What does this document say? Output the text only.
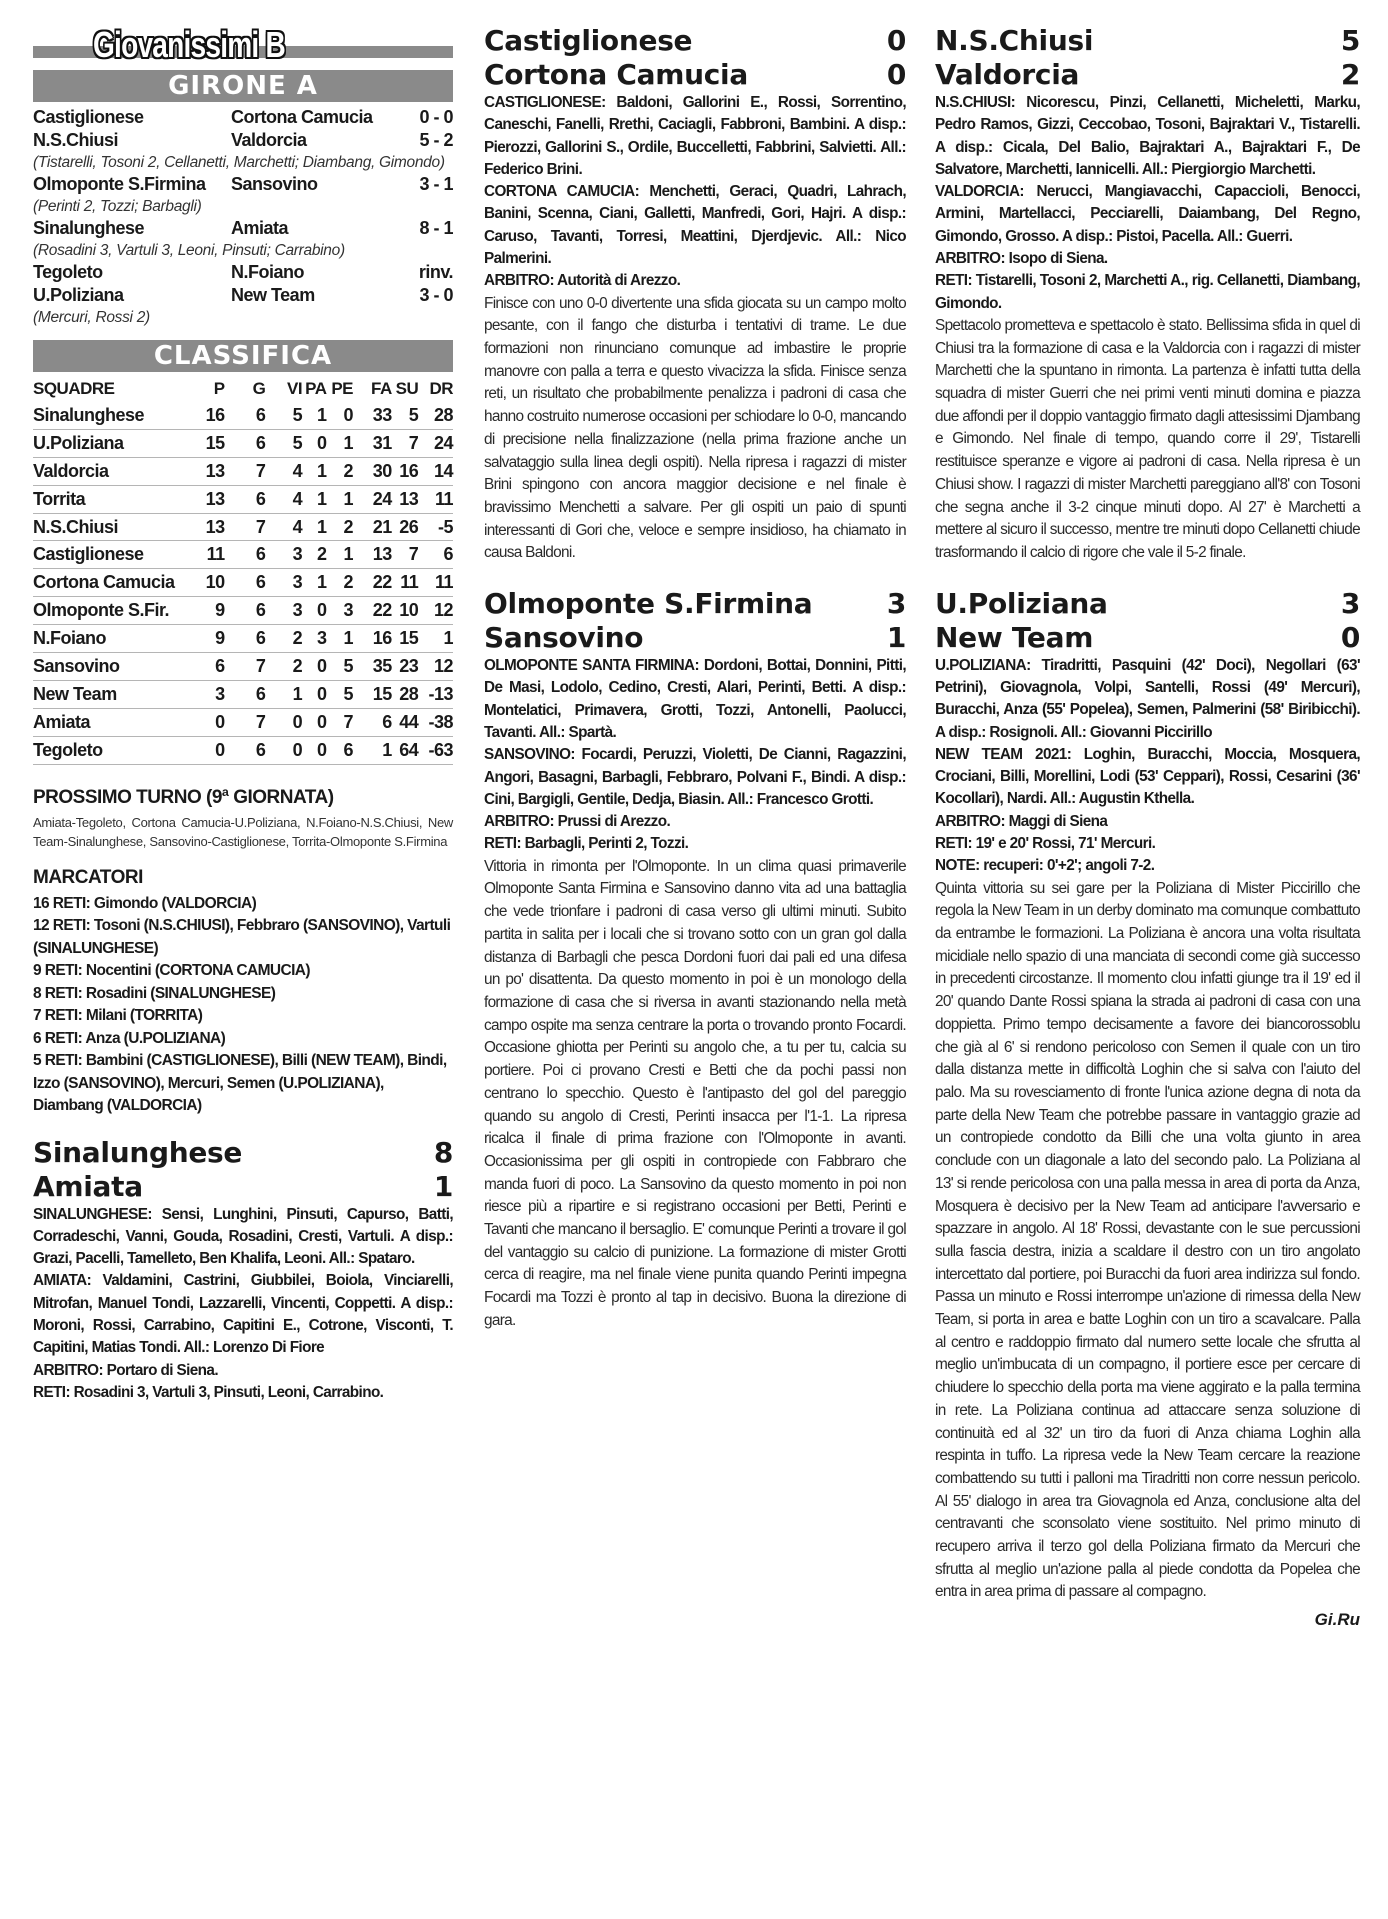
Giovanissimi B
GIRONE A
Castiglionese	Cortona Camucia	0 - 0
N.S.Chiusi	Valdorcia	5 - 2
(Tistarelli, Tosoni 2, Cellanetti, Marchetti; Diambang, Gimondo)
Olmoponte S.Firmina	Sansovino	3 - 1
(Perinti 2, Tozzi; Barbagli)
Sinalunghese	Amiata	8 - 1
(Rosadini 3, Vartuli 3, Leoni, Pinsuti; Carrabino)
Tegoleto	N.Foiano	rinv.
U.Poliziana	New Team	3 - 0
(Mercuri, Rossi 2)
CLASSIFICA
SQUADRE	P	G	VI	PA	PE	FA	SU	DR
Sinalunghese	16	6	5	1	0	33	5	28
U.Poliziana	15	6	5	0	1	31	7	24
Valdorcia	13	7	4	1	2	30	16	14
Torrita	13	6	4	1	1	24	13	11
N.S.Chiusi	13	7	4	1	2	21	26	-5
Castiglionese	11	6	3	2	1	13	7	6
Cortona Camucia	10	6	3	1	2	22	11	11
Olmoponte S.Fir.	9	6	3	0	3	22	10	12
N.Foiano	9	6	2	3	1	16	15	1
Sansovino	6	7	2	0	5	35	23	12
New Team	3	6	1	0	5	15	28	-13
Amiata	0	7	0	0	7	6	44	-38
Tegoleto	0	6	0	0	6	1	64	-63
PROSSIMO TURNO (9ª GIORNATA)
Amiata-Tegoleto, Cortona Camucia-U.Poliziana, N.Foiano-N.S.Chiusi, New Team-Sinalunghese, Sansovino-Castiglionese, Torrita-Olmoponte S.Firmina
MARCATORI
16 RETI: Gimondo (VALDORCIA)
12 RETI: Tosoni (N.S.CHIUSI), Febbraro (SANSOVINO), Vartuli (SINALUNGHESE)
9 RETI: Nocentini (CORTONA CAMUCIA)
8 RETI: Rosadini (SINALUNGHESE)
7 RETI: Milani (TORRITA)
6 RETI: Anza (U.POLIZIANA)
5 RETI: Bambini (CASTIGLIONESE), Billi (NEW TEAM), Bindi, Izzo (SANSOVINO), Mercuri, Semen (U.POLIZIANA), Diambang (VALDORCIA)
Sinalunghese	8
Amiata	1
SINALUNGHESE: Sensi, Lunghini, Pinsuti, Capurso, Batti, Corradeschi, Vanni, Gouda, Rosadini, Cresti, Vartuli. A disp.: Grazi, Pacelli, Tamelleto, Ben Khalifa, Leoni. All.: Spataro.
AMIATA: Valdamini, Castrini, Giubbilei, Boiola, Vinciarelli, Mitrofan, Manuel Tondi, Lazzarelli, Vincenti, Coppetti. A disp.: Moroni, Rossi, Carrabino, Capitini E., Cotrone, Visconti, T. Capitini, Matias Tondi. All.: Lorenzo Di Fiore
ARBITRO: Portaro di Siena.
RETI: Rosadini 3, Vartuli 3, Pinsuti, Leoni, Carrabino.
Castiglionese	0
Cortona Camucia	0
CASTIGLIONESE: Baldoni, Gallorini E., Rossi, Sorrentino, Caneschi, Fanelli, Rrethi, Caciagli, Fabbroni, Bambini. A disp.: Pierozzi, Gallorini S., Ordile, Buccelletti, Fabbrini, Salvietti. All.: Federico Brini.
CORTONA CAMUCIA: Menchetti, Geraci, Quadri, Lahrach, Banini, Scenna, Ciani, Galletti, Manfredi, Gori, Hajri. A disp.: Caruso, Tavanti, Torresi, Meattini, Djerdjevic. All.: Nico Palmerini.
ARBITRO: Autorità di Arezzo.
Finisce con uno 0-0 divertente una sfida giocata su un campo molto pesante, con il fango che disturba i tentativi di trame. Le due formazioni non rinunciano comunque ad imbastire le proprie manovre con palla a terra e questo vivacizza la sfida. Finisce senza reti, un risultato che probabilmente penalizza i padroni di casa che hanno costruito numerose occasioni per schiodare lo 0-0, mancando di precisione nella finalizzazione (nella prima frazione anche un salvataggio sulla linea degli ospiti). Nella ripresa i ragazzi di mister Brini spingono con ancora maggior decisione e nel finale è bravissimo Menchetti a salvare. Per gli ospiti un paio di spunti interessanti di Gori che, veloce e sempre insidioso, ha chiamato in causa Baldoni.
Olmoponte S.Firmina	3
Sansovino	1
OLMOPONTE SANTA FIRMINA: Dordoni, Bottai, Donnini, Pitti, De Masi, Lodolo, Cedino, Cresti, Alari, Perinti, Betti. A disp.: Montelatici, Primavera, Grotti, Tozzi, Antonelli, Paolucci, Tavanti. All.: Spartà.
SANSOVINO: Focardi, Peruzzi, Violetti, De Cianni, Ragazzini, Angori, Basagni, Barbagli, Febbraro, Polvani F., Bindi. A disp.: Cini, Bargigli, Gentile, Dedja, Biasin. All.: Francesco Grotti.
ARBITRO: Prussi di Arezzo.
RETI: Barbagli, Perinti 2, Tozzi.
Vittoria in rimonta per l'Olmoponte. In un clima quasi primaverile Olmoponte Santa Firmina e Sansovino danno vita ad una battaglia che vede trionfare i padroni di casa verso gli ultimi minuti. Subito partita in salita per i locali che si trovano sotto con un gran gol dalla distanza di Barbagli che pesca Dordoni fuori dai pali ed una difesa un po' disattenta. Da questo momento in poi è un monologo della formazione di casa che si riversa in avanti stazionando nella metà campo ospite ma senza centrare la porta o trovando pronto Focardi. Occasione ghiotta per Perinti su angolo che, a tu per tu, calcia su portiere. Poi ci provano Cresti e Betti che da pochi passi non centrano lo specchio. Questo è l'antipasto del gol del pareggio quando su angolo di Cresti, Perinti insacca per l'1-1. La ripresa ricalca il finale di prima frazione con l'Olmoponte in avanti. Occasionissima per gli ospiti in contropiede con Fabbraro che manda fuori di poco. La Sansovino da questo momento in poi non riesce più a ripartire e si registrano occasioni per Betti, Perinti e Tavanti che mancano il bersaglio. E' comunque Perinti a trovare il gol del vantaggio su calcio di punizione. La formazione di mister Grotti cerca di reagire, ma nel finale viene punita quando Perinti impegna Focardi ma Tozzi è pronto al tap in decisivo. Buona la direzione di gara.
N.S.Chiusi	5
Valdorcia	2
N.S.CHIUSI: Nicorescu, Pinzi, Cellanetti, Micheletti, Marku, Pedro Ramos, Gizzi, Ceccobao, Tosoni, Bajraktari V., Tistarelli. A disp.: Cicala, Del Balio, Bajraktari A., Bajraktari F., De Salvatore, Marchetti, Iannicelli. All.: Piergiorgio Marchetti.
VALDORCIA: Nerucci, Mangiavacchi, Capaccioli, Benocci, Armini, Martellacci, Pecciarelli, Daiambang, Del Regno, Gimondo, Grosso. A disp.: Pistoi, Pacella. All.: Guerri.
ARBITRO: Isopo di Siena.
RETI: Tistarelli, Tosoni 2, Marchetti A., rig. Cellanetti, Diambang, Gimondo.
Spettacolo prometteva e spettacolo è stato. Bellissima sfida in quel di Chiusi tra la formazione di casa e la Valdorcia con i ragazzi di mister Marchetti che la spuntano in rimonta. La partenza è infatti tutta della squadra di mister Guerri che nei primi venti minuti domina e piazza due affondi per il doppio vantaggio firmato dagli attesissimi Djambang e Gimondo. Nel finale di tempo, quando corre il 29', Tistarelli restituisce speranze e vigore ai padroni di casa. Nella ripresa è un Chiusi show. I ragazzi di mister Marchetti pareggiano all'8' con Tosoni che segna anche il 3-2 cinque minuti dopo. Al 27' è Marchetti a mettere al sicuro il successo, mentre tre minuti dopo Cellanetti chiude trasformando il calcio di rigore che vale il 5-2 finale.
U.Poliziana	3
New Team	0
U.POLIZIANA: Tiradritti, Pasquini (42' Doci), Negollari (63' Petrini), Giovagnola, Volpi, Santelli, Rossi (49' Mercuri), Buracchi, Anza (55' Popelea), Semen, Palmerini (58' Biribicchi). A disp.: Rosignoli. All.: Giovanni Piccirillo
NEW TEAM 2021: Loghin, Buracchi, Moccia, Mosquera, Crociani, Billi, Morellini, Lodi (53' Ceppari), Rossi, Cesarini (36' Kocollari), Nardi. All.: Augustin Kthella.
ARBITRO: Maggi di Siena
RETI: 19' e 20' Rossi, 71' Mercuri.
NOTE: recuperi: 0'+2'; angoli 7-2.
Quinta vittoria su sei gare per la Poliziana di Mister Piccirillo che regola la New Team in un derby dominato ma comunque combattuto da entrambe le formazioni. La Poliziana è ancora una volta risultata micidiale nello spazio di una manciata di secondi come già successo in precedenti circostanze. Il momento clou infatti giunge tra il 19' ed il 20' quando Dante Rossi spiana la strada ai padroni di casa con una doppietta. Primo tempo decisamente a favore dei biancorossoblu che già al 6' si rendono pericoloso con Semen il quale con un tiro dalla distanza mette in difficoltà Loghin che si salva con l'aiuto del palo. Ma su rovesciamento di fronte l'unica azione degna di nota da parte della New Team che potrebbe passare in vantaggio grazie ad un contropiede condotto da Billi che una volta giunto in area conclude con un diagonale a lato del secondo palo. La Poliziana al 13' si rende pericolosa con una palla messa in area di porta da Anza, Mosquera è decisivo per la New Team ad anticipare l'avversario e spazzare in angolo. Al 18' Rossi, devastante con le sue percussioni sulla fascia destra, inizia a scaldare il destro con un tiro angolato intercettato dal portiere, poi Buracchi da fuori area indirizza sul fondo. Passa un minuto e Rossi interrompe un'azione di rimessa della New Team, si porta in area e batte Loghin con un tiro a scavalcare. Palla al centro e raddoppio firmato dal numero sette locale che sfrutta al meglio un'imbucata di un compagno, il portiere esce per cercare di chiudere lo specchio della porta ma viene aggirato e la palla termina in rete. La Poliziana continua ad attaccare senza soluzione di continuità ed al 32' un tiro da fuori di Anza chiama Loghin alla respinta in tuffo. La ripresa vede la New Team cercare la reazione combattendo su tutti i palloni ma Tiradritti non corre nessun pericolo. Al 55' dialogo in area tra Giovagnola ed Anza, conclusione alta del centravanti che sconsolato viene sostituito. Nel primo minuto di recupero arriva il terzo gol della Poliziana firmato da Mercuri che sfrutta al meglio un'azione palla al piede condotta da Popelea che entra in area prima di passare al compagno.
Gi.Ru
